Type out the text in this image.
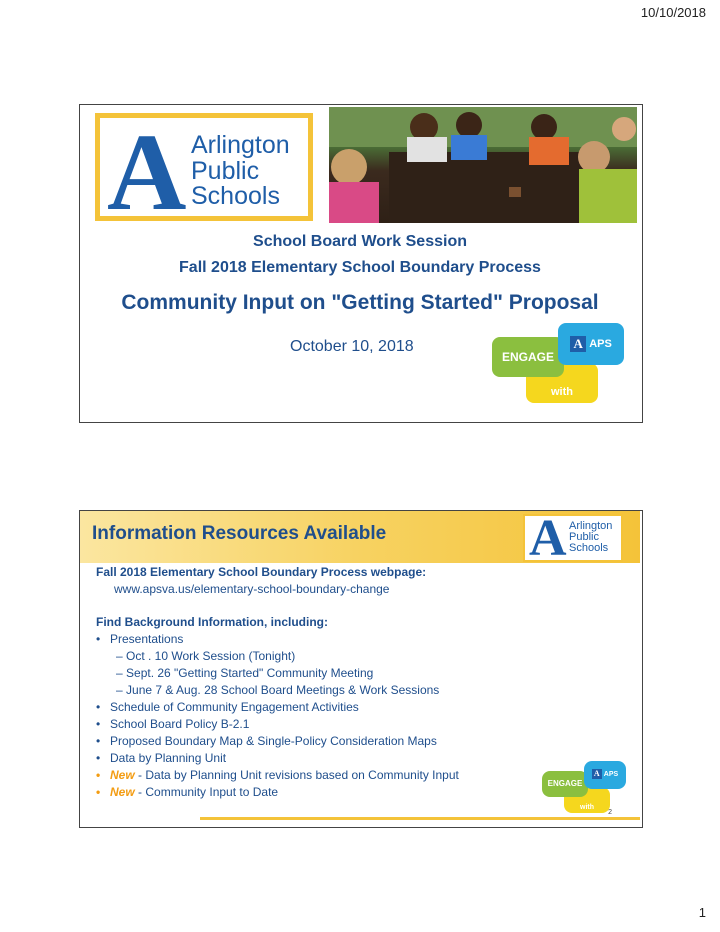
10/10/2018
A Arlington
Public
Schools
School Board Work Session
Fall 2018 Elementary School Boundary Process
Community Input on "Getting Started" Proposal
October 10, 2018
with
ENGAGE
A APS
Information Resources Available	A Arlington
Public
Schools
Fall 2018 Elementary School Boundary Process webpage:
www.apsva.us/elementary-school-boundary-change
Find Background Information, including:
• Presentations
– Oct . 10 Work Session (Tonight)
– Sept. 26 "Getting Started" Community Meeting
– June 7 & Aug. 28 School Board Meetings & Work Sessions
• Schedule of Community Engagement Activities
• School Board Policy B-2.1
• Proposed Boundary Map & Single-Policy Consideration Maps
• Data by Planning Unit
• New - Data by Planning Unit revisions based on Community Input
• New - Community Input to Date
with
ENGAGE
A APS
2
1
